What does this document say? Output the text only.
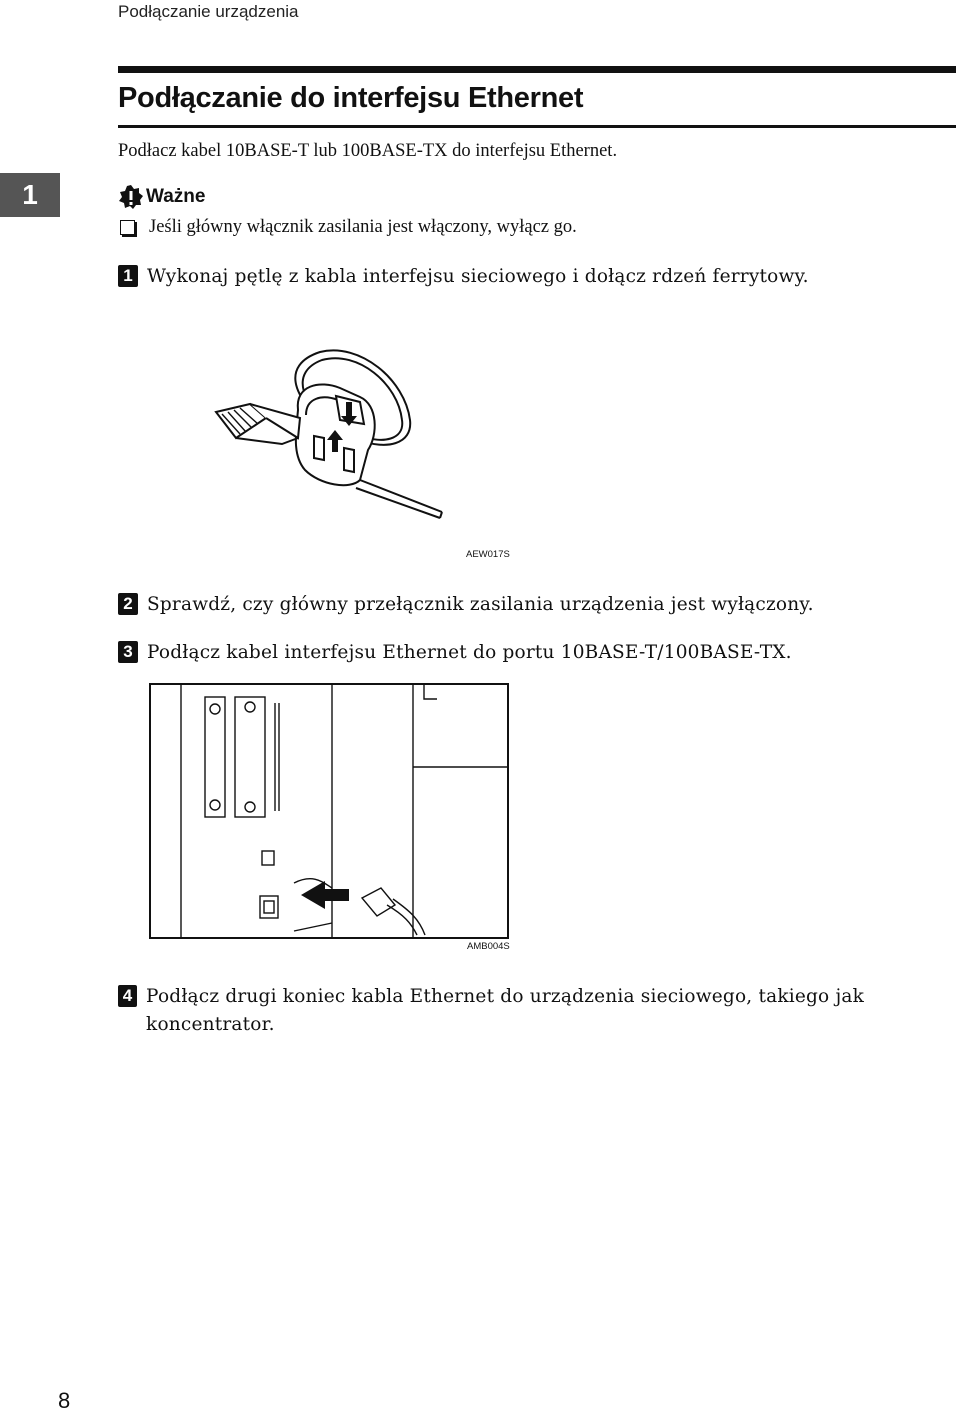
Podłączanie urządzenia
Podłączanie do interfejsu Ethernet
1
Podłacz kabel 10BASE-T lub 100BASE-TX do interfejsu Ethernet.
Ważne
Jeśli główny włącznik zasilania jest włączony, wyłącz go.
1 Wykonaj pętlę z kabla interfejsu sieciowego i dołącz rdzeń ferrytowy.
AEW017S
2 Sprawdź, czy główny przełącznik zasilania urządzenia jest wyłączony.
3 Podłącz kabel interfejsu Ethernet do portu 10BASE-T/100BASE-TX.
AMB004S
4 Podłącz drugi koniec kabla Ethernet do urządzenia sieciowego, takiego jak koncentrator.
8
